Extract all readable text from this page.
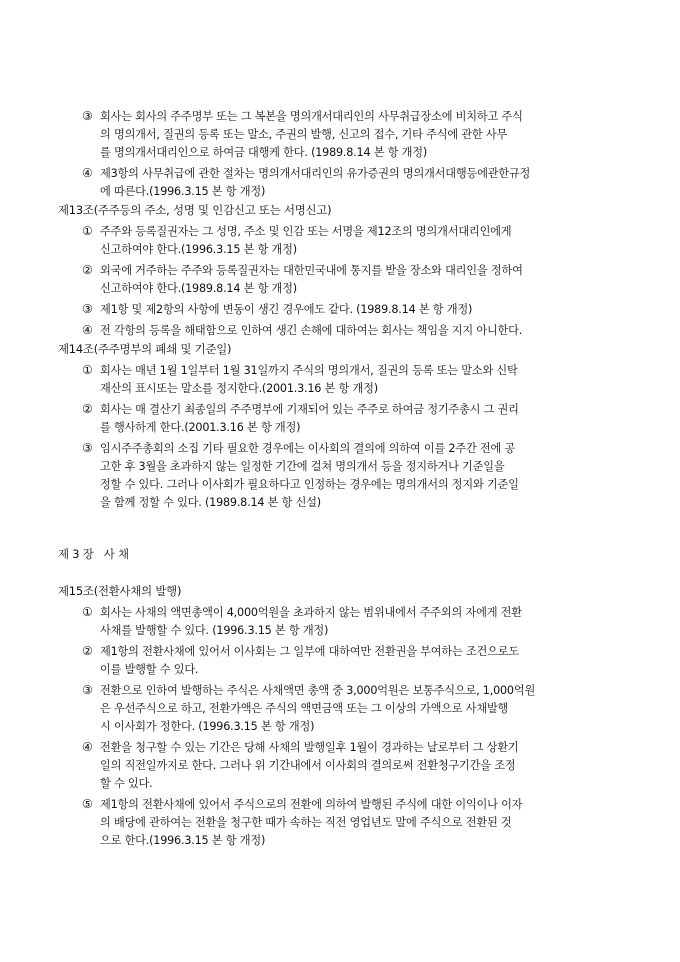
③ 회사는 회사의 주주명부 또는 그 복본을 명의개서대리인의 사무취급장소에 비치하고 주식
의 명의개서, 질권의 등록 또는 말소, 주권의 발행, 신고의 접수, 기타 주식에 관한 사무
를 명의개서대리인으로 하여금 대행케 한다. (1989.8.14 본 항 개정)
④ 제3항의 사무취급에 관한 절차는 명의개서대리인의 유가증권의 명의개서대행등에관한규정
에 따른다.(1996.3.15 본 항 개정)
제13조(주주등의 주소, 성명 및 인감신고 또는 서명신고)
① 주주와 등록질권자는 그 성명, 주소 및 인감 또는 서명을 제12조의 명의개서대리인에게
신고하여야 한다.(1996.3.15 본 항 개정)
② 외국에 거주하는 주주와 등록질권자는 대한민국내에 통지를 받을 장소와 대리인을 정하여
신고하여야 한다.(1989.8.14 본 항 개정)
③ 제1항 및 제2항의 사항에 변동이 생긴 경우에도 같다. (1989.8.14 본 항 개정)
④ 전 각항의 등록을 해태함으로 인하여 생긴 손해에 대하여는 회사는 책임을 지지 아니한다.
제14조(주주명부의 폐쇄 및 기준일)
① 회사는 매년 1월 1일부터 1월 31일까지 주식의 명의개서, 질권의 등록 또는 말소와 신탁
재산의 표시또는 말소를 정지한다.(2001.3.16 본 항 개정)
② 회사는 매 결산기 최종일의 주주명부에 기재되어 있는 주주로 하여금 정기주총시 그 권리
를 행사하게 한다.(2001.3.16 본 항 개정)
③ 임시주주총회의 소집 기타 필요한 경우에는 이사회의 결의에 의하여 이를 2주간 전에 공
고한 후 3월을 초과하지 않는 일정한 기간에 걸쳐 명의개서 등을 정지하거나 기준일을
정할 수 있다. 그러나 이사회가 필요하다고 인정하는 경우에는 명의개서의 정지와 기준일
을 함께 정할 수 있다. (1989.8.14 본 항 신설)
제 3 장   사 채
제15조(전환사채의 발행)
① 회사는 사채의 액면총액이 4,000억원을 초과하지 않는 범위내에서 주주외의 자에게 전환
사채를 발행할 수 있다. (1996.3.15 본 항 개정)
② 제1항의 전환사채에 있어서 이사회는 그 일부에 대하여만 전환권을 부여하는 조건으로도
이를 발행할 수 있다.
③ 전환으로 인하여 발행하는 주식은 사채액면 총액 중 3,000억원은 보통주식으로, 1,000억원
은 우선주식으로 하고, 전환가액은 주식의 액면금액 또는 그 이상의 가액으로 사채발행
시 이사회가 정한다. (1996.3.15 본 항 개정)
④ 전환을 청구할 수 있는 기간은 당해 사채의 발행일후 1월이 경과하는 날로부터 그 상환기
일의 직전일까지로 한다. 그러나 위 기간내에서 이사회의 결의로써 전환청구기간을 조정
할 수 있다.
⑤ 제1항의 전환사채에 있어서 주식으로의 전환에 의하여 발행된 주식에 대한 이익이나 이자
의 배당에 관하여는 전환을 청구한 때가 속하는 직전 영업년도 말에 주식으로 전환된 것
으로 한다.(1996.3.15 본 항 개정)
